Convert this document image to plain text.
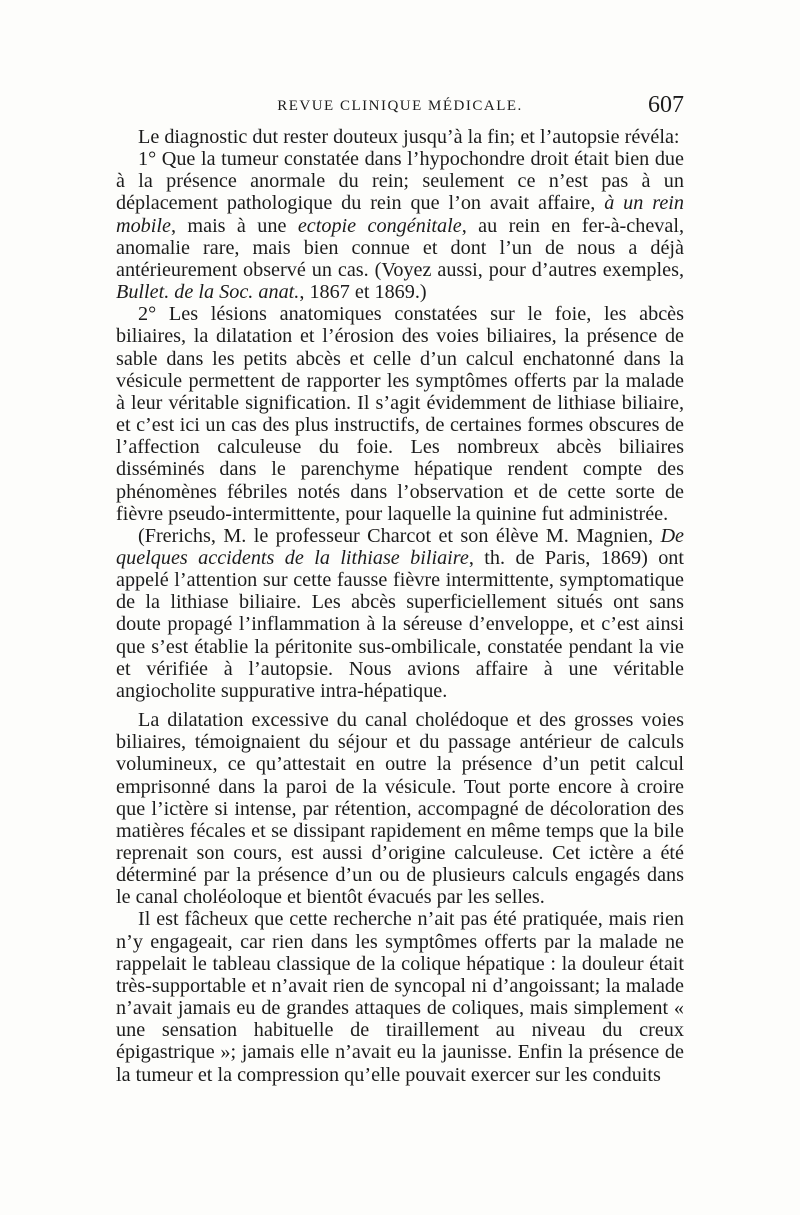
REVUE CLINIQUE MÉDICALE.	607

Le diagnostic dut rester douteux jusqu’à la fin; et l’autopsie révéla:

1° Que la tumeur constatée dans l’hypochondre droit était bien due à la présence anormale du rein; seulement ce n’est pas à un déplacement pathologique du rein que l’on avait affaire, à un rein mobile, mais à une ectopie congénitale, au rein en fer-à-cheval, anomalie rare, mais bien connue et dont l’un de nous a déjà antérieurement observé un cas. (Voyez aussi, pour d’autres exemples, Bullet. de la Soc. anat., 1867 et 1869.)

2° Les lésions anatomiques constatées sur le foie, les abcès biliaires, la dilatation et l’érosion des voies biliaires, la présence de sable dans les petits abcès et celle d’un calcul enchatonné dans la vésicule permettent de rapporter les symptômes offerts par la malade à leur véritable signification. Il s’agit évidemment de lithiase biliaire, et c’est ici un cas des plus instructifs, de certaines formes obscures de l’affection calculeuse du foie. Les nombreux abcès biliaires disséminés dans le parenchyme hépatique rendent compte des phénomènes fébriles notés dans l’observation et de cette sorte de fièvre pseudo-intermittente, pour laquelle la quinine fut administrée.

(Frerichs, M. le professeur Charcot et son élève M. Magnien, De quelques accidents de la lithiase biliaire, th. de Paris, 1869) ont appelé l’attention sur cette fausse fièvre intermittente, symptomatique de la lithiase biliaire. Les abcès superficiellement situés ont sans doute propagé l’inflammation à la séreuse d’enveloppe, et c’est ainsi que s’est établie la péritonite sus-ombilicale, constatée pendant la vie et vérifiée à l’autopsie. Nous avions affaire à une véritable angiocholite suppurative intra-hépatique.

La dilatation excessive du canal cholédoque et des grosses voies biliaires, témoignaient du séjour et du passage antérieur de calculs volumineux, ce qu’attestait en outre la présence d’un petit calcul emprisonné dans la paroi de la vésicule. Tout porte encore à croire que l’ictère si intense, par rétention, accompagné de décoloration des matières fécales et se dissipant rapidement en même temps que la bile reprenait son cours, est aussi d’origine calculeuse. Cet ictère a été déterminé par la présence d’un ou de plusieurs calculs engagés dans le canal choléoloque et bientôt évacués par les selles.

Il est fâcheux que cette recherche n’ait pas été pratiquée, mais rien n’y engageait, car rien dans les symptômes offerts par la malade ne rappelait le tableau classique de la colique hépatique : la douleur était très-supportable et n’avait rien de syncopal ni d’angoissant; la malade n’avait jamais eu de grandes attaques de coliques, mais simplement « une sensation habituelle de tiraillement au niveau du creux épigastrique »; jamais elle n’avait eu la jaunisse. Enfin la présence de la tumeur et la compression qu’elle pouvait exercer sur les conduits
